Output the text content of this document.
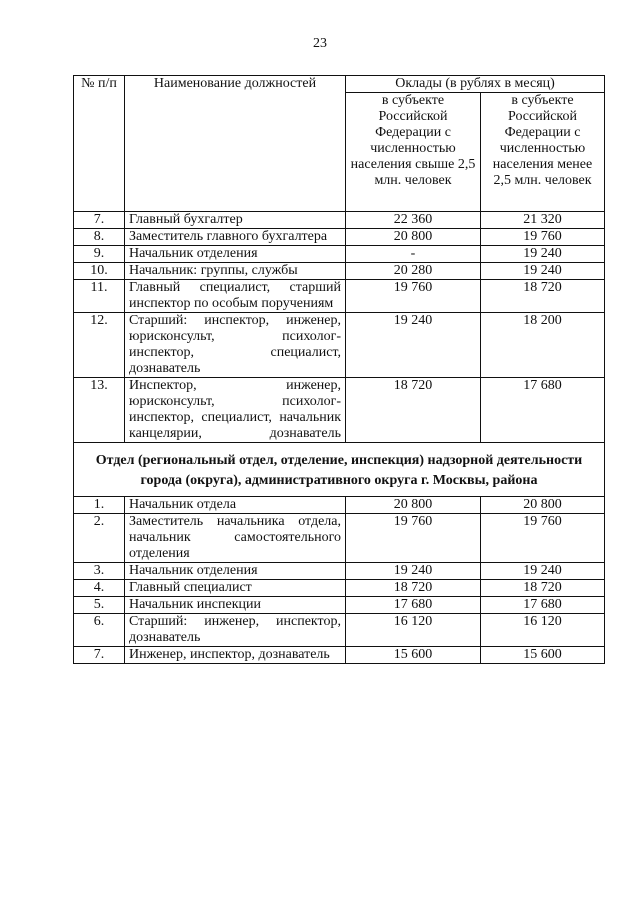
23
№ п/п	Наименование должностей	Оклады (в рублях в месяц)	
		в субъекте Российской Федерации с численностью населения свыше 2,5 млн. человек	в субъекте Российской Федерации с численностью населения менее 2,5 млн. человек
7.	Главный бухгалтер	22 360	21 320
8.	Заместитель главного бухгалтера	20 800	19 760
9.	Начальник отделения	-	19 240
10.	Начальник: группы, службы	20 280	19 240
11.	Главный специалист, старший инспектор по особым поручениям	19 760	18 720
12.	Старший: инспектор, инженер, юрисконсульт, психолог-инспектор, специалист, дознаватель	19 240	18 200
13.	Инспектор, инженер, юрисконсульт, психолог-инспектор, специалист, начальник канцелярии, дознаватель	18 720	17 680
Отдел (региональный отдел, отделение, инспекция) надзорной деятельности города (округа), административного округа г. Москвы, района			
1.	Начальник отдела	20 800	20 800
2.	Заместитель начальника отдела, начальник самостоятельного отделения	19 760	19 760
3.	Начальник отделения	19 240	19 240
4.	Главный специалист	18 720	18 720
5.	Начальник инспекции	17 680	17 680
6.	Старший: инженер, инспектор, дознаватель	16 120	16 120
7.	Инженер, инспектор, дознаватель	15 600	15 600
